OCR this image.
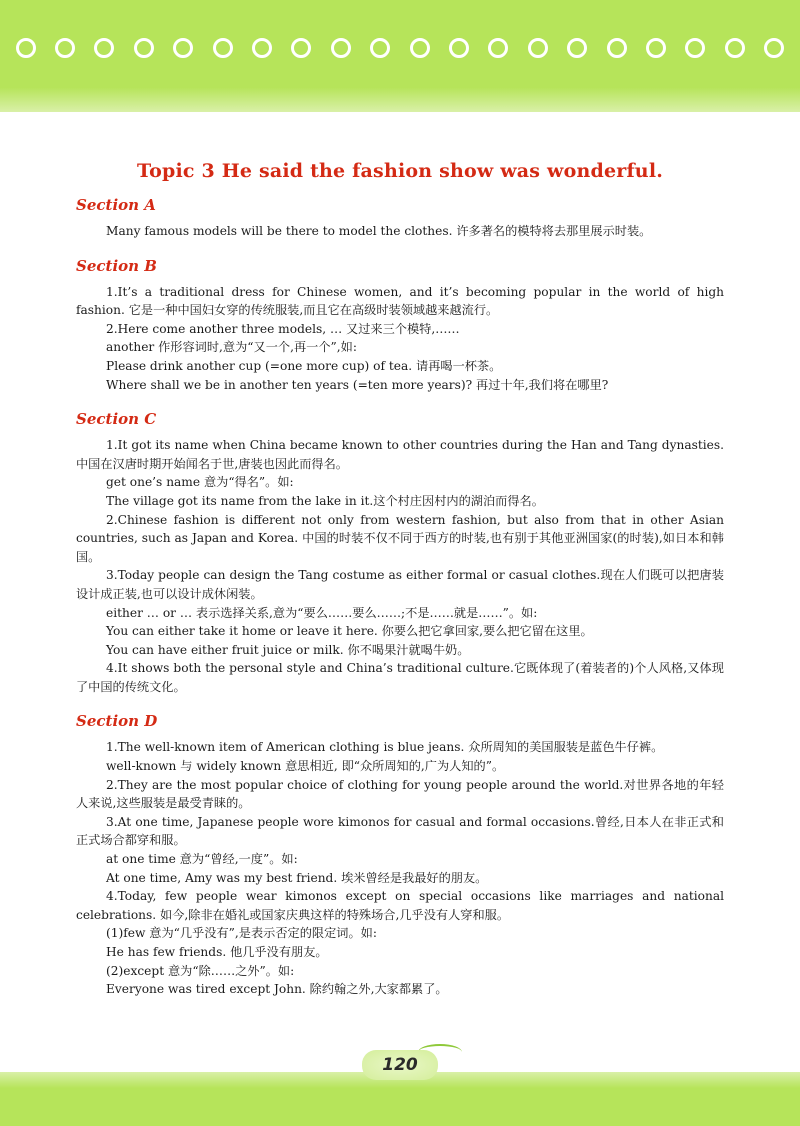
Topic 3 He said the fashion show was wonderful.
Section A

Many famous models will be there to model the clothes. 许多著名的模特将去那里展示时装。

Section B

1.It’s a traditional dress for Chinese women, and it’s becoming popular in the world of high fashion. 它是一种中国妇女穿的传统服装,而且它在高级时装领域越来越流行。

2.Here come another three models, … 又过来三个模特,……

another 作形容词时,意为“又一个,再一个”,如:

Please drink another cup (=one more cup) of tea. 请再喝一杯茶。

Where shall we be in another ten years (=ten more years)? 再过十年,我们将在哪里?

Section C

1.It got its name when China became known to other countries during the Han and Tang dynasties. 中国在汉唐时期开始闻名于世,唐装也因此而得名。

get one’s name 意为“得名”。如:

The village got its name from the lake in it.这个村庄因村内的湖泊而得名。

2.Chinese fashion is different not only from western fashion, but also from that in other Asian countries, such as Japan and Korea. 中国的时装不仅不同于西方的时装,也有别于其他亚洲国家(的时装),如日本和韩国。

3.Today people can design the Tang costume as either formal or casual clothes.现在人们既可以把唐装设计成正装,也可以设计成休闲装。

either … or … 表示选择关系,意为“要么……要么……;不是……就是……”。如:

You can either take it home or leave it here. 你要么把它拿回家,要么把它留在这里。

You can have either fruit juice or milk. 你不喝果汁就喝牛奶。

4.It shows both the personal style and China’s traditional culture.它既体现了(着装者的)个人风格,又体现了中国的传统文化。

Section D

1.The well-known item of American clothing is blue jeans. 众所周知的美国服装是蓝色牛仔裤。

well-known 与 widely known 意思相近, 即“众所周知的,广为人知的”。

2.They are the most popular choice of clothing for young people around the world.对世界各地的年轻人来说,这些服装是最受青睐的。

3.At one time, Japanese people wore kimonos for casual and formal occasions.曾经,日本人在非正式和正式场合都穿和服。

at one time 意为“曾经,一度”。如:

At one time, Amy was my best friend. 埃米曾经是我最好的朋友。

4.Today, few people wear kimonos except on special occasions like marriages and national celebrations. 如今,除非在婚礼或国家庆典这样的特殊场合,几乎没有人穿和服。

(1)few 意为“几乎没有”,是表示否定的限定词。如:

He has few friends. 他几乎没有朋友。

(2)except 意为“除……之外”。如:

Everyone was tired except John. 除约翰之外,大家都累了。

120
